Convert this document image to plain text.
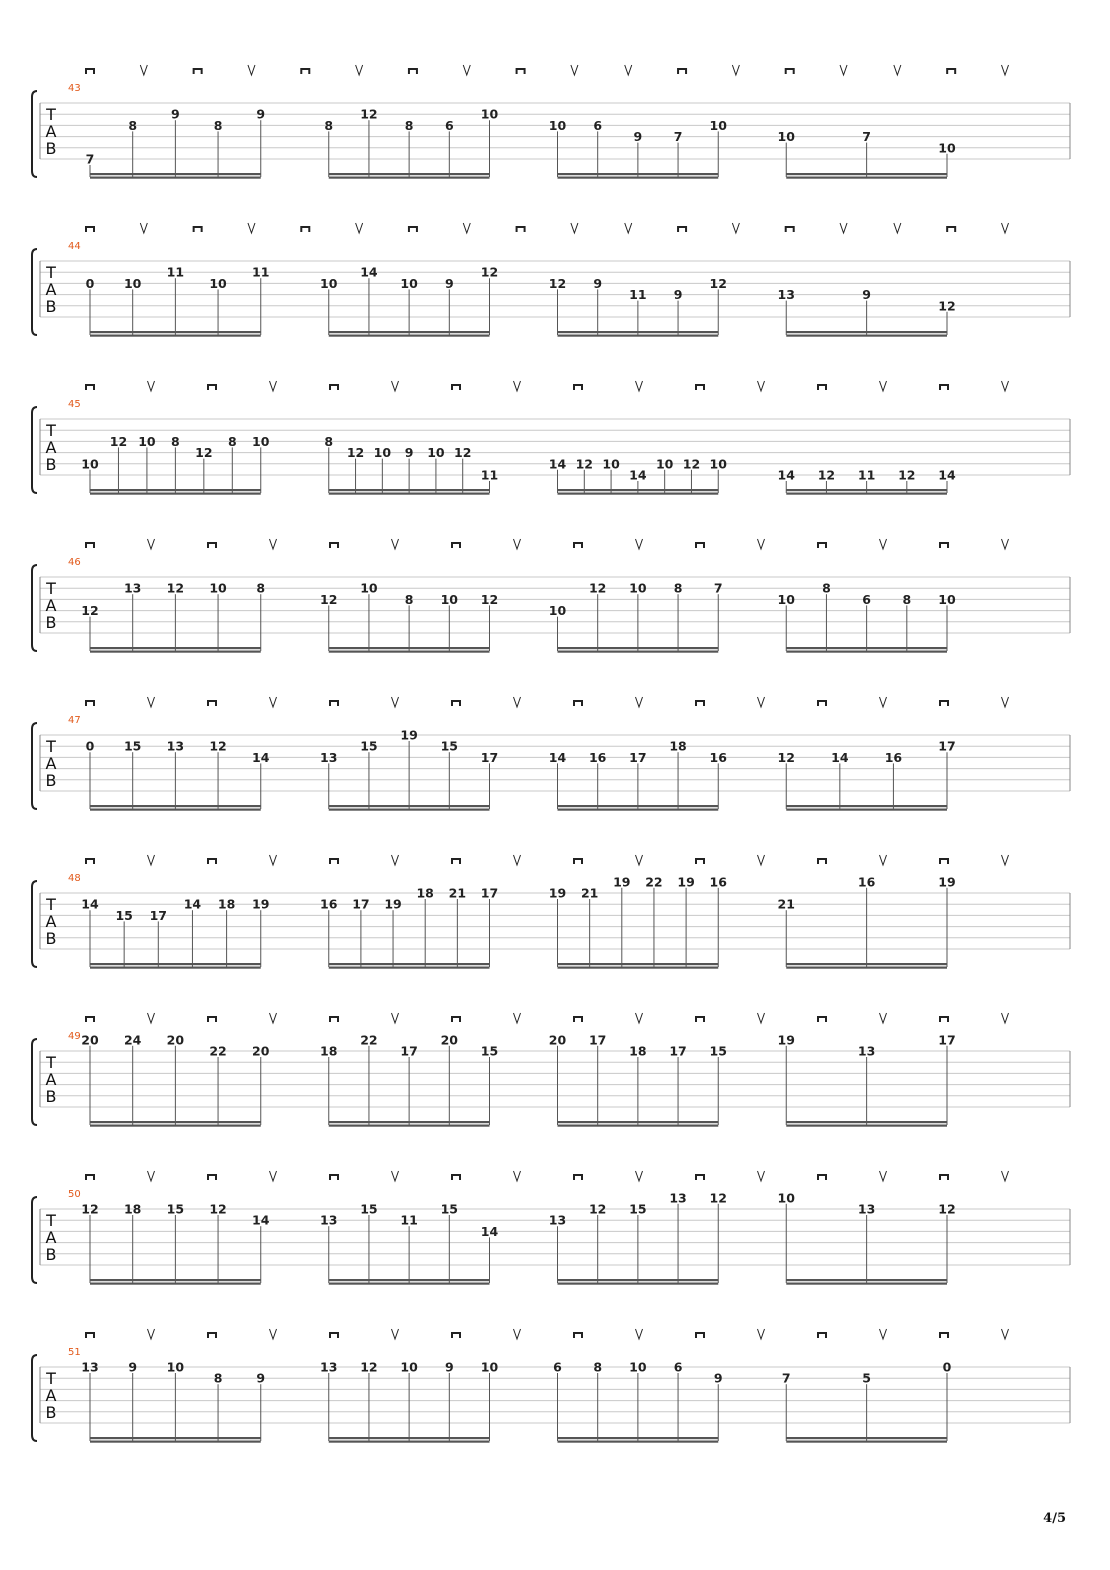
T
A
B
43
7
8
9
8
9
8
12
8	6
10
10 6
9	7
10
10	7
10
T
A
B
44
0 10
11
10
11
10
14
10 9
12
12 9
11 9
12
13	9
12
T
A
B
45
10
12 10 8
12
8 10	8
12 10 9 10 12
11
14 12 10
14
10 12 10
14 12 11 12 14
T
A
B
46
12
13 12 10 8
12
10
8 10 12
10
12 10 8	7
10
8
6	8 10
T
A
B
47
0 15 13 12
14	13
15
19
15
17	14 16 17
18
16	12	14	16
17
T
A
B
48
14
15 17
14 18 19	16 17 19
18 21 17	19 21
19 22 19 16
21
16	19
T
A
B
49 20 24 20
22 20	18
22
17
20
15
20 17
18 17 15
19
13
17
T
A
B
50
12 18 15 12
14	13
15
11
15
14
13
12 15
13 12	10
13	12
T
A
B
51
13 9 10
8	9
13 12 10 9 10	6	8 10 6
9	7	5
0
4/5
